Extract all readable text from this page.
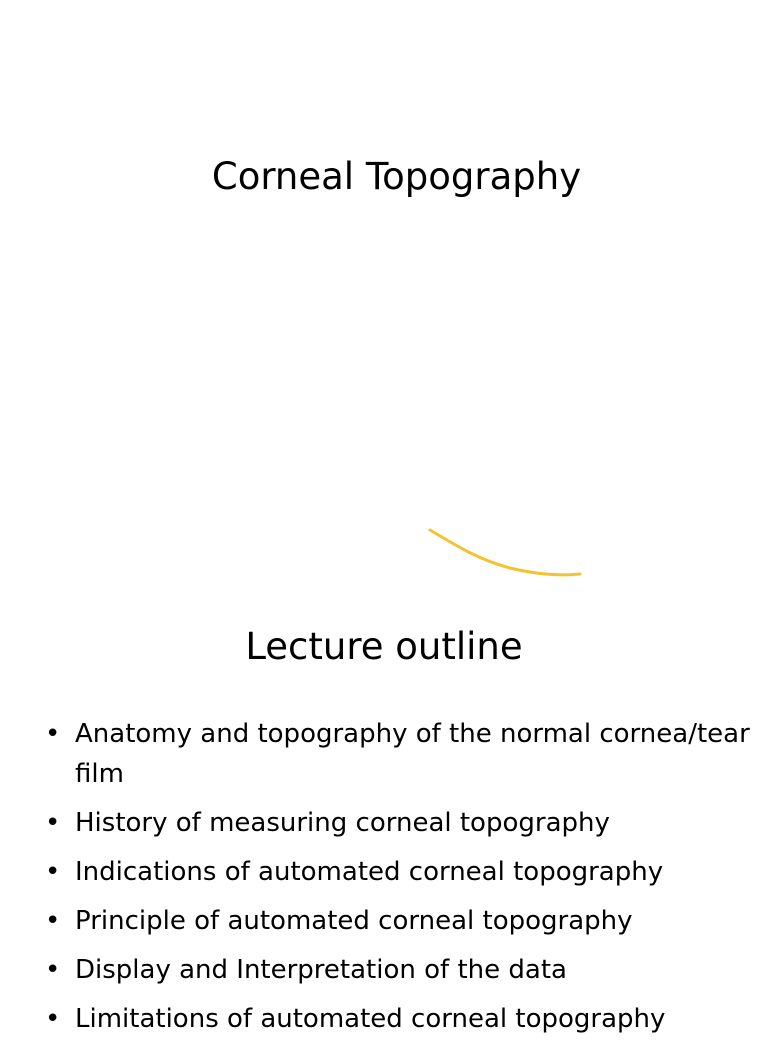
Corneal Topography
Lecture outline
• Anatomy and topography of the normal cornea/tear film
• History of measuring corneal topography
• Indications of automated corneal topography
• Principle of automated corneal topography
• Display and Interpretation of the data
• Limitations of automated corneal topography
